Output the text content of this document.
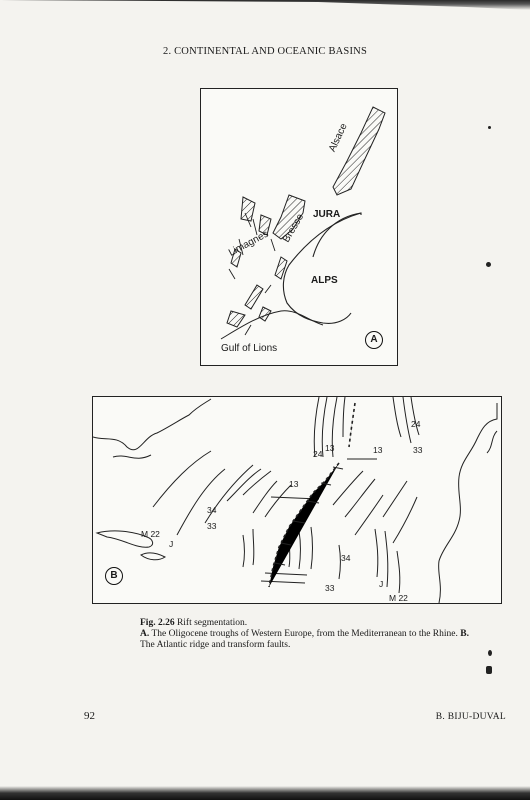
2. CONTINENTAL AND OCEANIC BASINS
Alsace
JURA
Bresse
Limagnes
ALPS
Gulf of Lions
A
24
24
13	13	33
13
34
33
M 22
J
34
33	J
M 22
B
Fig. 2.26 Rift segmentation.
A. The Oligocene troughs of Western Europe, from the Mediterranean to the Rhine. B. The Atlantic ridge and transform faults.
92	B. BIJU-DUVAL
